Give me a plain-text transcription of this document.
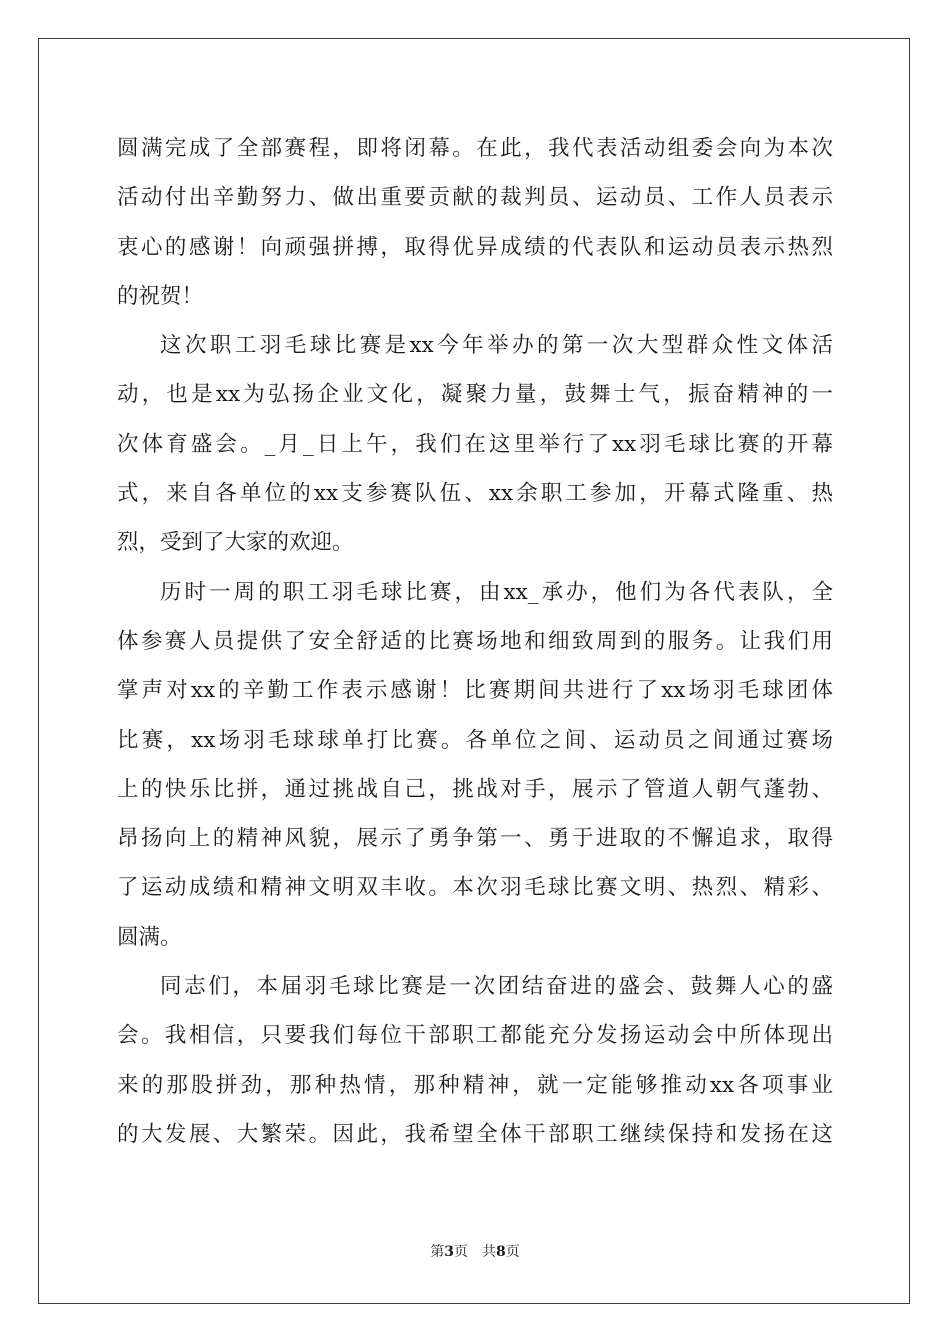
圆满完成了全部赛程，即将闭幕。在此，我代表活动组委会向为本次
活动付出辛勤努力、做出重要贡献的裁判员、运动员、工作人员表示
衷心的感谢！向顽强拼搏，取得优异成绩的代表队和运动员表示热烈
的祝贺！
这次职工羽毛球比赛是xx今年举办的第一次大型群众性文体活
动，也是xx为弘扬企业文化，凝聚力量，鼓舞士气，振奋精神的一
次体育盛会。_月_日上午，我们在这里举行了xx羽毛球比赛的开幕
式，来自各单位的xx支参赛队伍、xx余职工参加，开幕式隆重、热
烈，受到了大家的欢迎。
历时一周的职工羽毛球比赛，由xx_承办，他们为各代表队，全
体参赛人员提供了安全舒适的比赛场地和细致周到的服务。让我们用
掌声对xx的辛勤工作表示感谢！比赛期间共进行了xx场羽毛球团体
比赛，xx场羽毛球球单打比赛。各单位之间、运动员之间通过赛场
上的快乐比拼，通过挑战自己，挑战对手，展示了管道人朝气蓬勃、
昂扬向上的精神风貌，展示了勇争第一、勇于进取的不懈追求，取得
了运动成绩和精神文明双丰收。本次羽毛球比赛文明、热烈、精彩、
圆满。
同志们，本届羽毛球比赛是一次团结奋进的盛会、鼓舞人心的盛
会。我相信，只要我们每位干部职工都能充分发扬运动会中所体现出
来的那股拼劲，那种热情，那种精神，就一定能够推动xx各项事业
的大发展、大繁荣。因此，我希望全体干部职工继续保持和发扬在这
第3页 共8页
